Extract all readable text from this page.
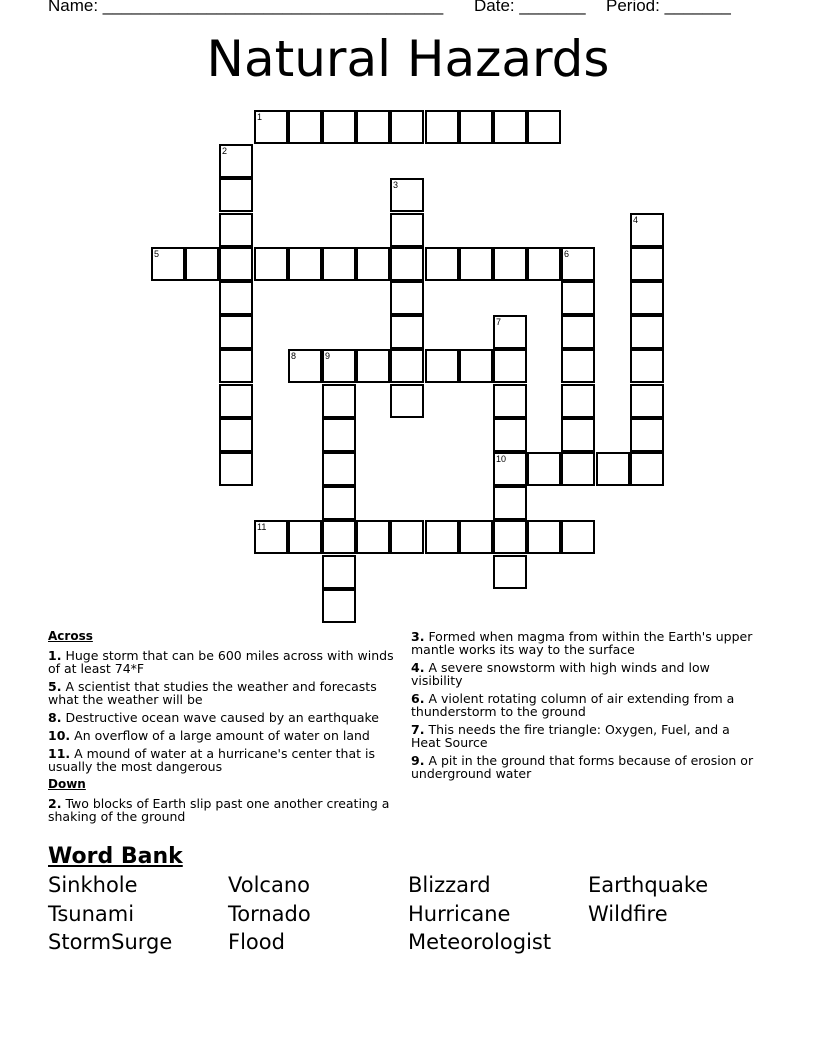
Name: ____________________________________

Date: _______

Period: _______

Natural Hazards
1
2
3
4
5	6
7
10
8	9
11
Across
1. Huge storm that can be 600 miles across with winds of at least 74*F
5. A scientist that studies the weather and forecasts what the weather will be
8. Destructive ocean wave caused by an earthquake
10. An overflow of a large amount of water on land
11. A mound of water at a hurricane's center that is usually the most dangerous
Down
2. Two blocks of Earth slip past one another creating a shaking of the ground
3. Formed when magma from within the Earth's upper mantle works its way to the surface
4. A severe snowstorm with high winds and low visibility
6. A violent rotating column of air extending from a thunderstorm to the ground
7. This needs the fire triangle: Oxygen, Fuel, and a Heat Source
9. A pit in the ground that forms because of erosion or underground water
Word Bank
Sinkhole	Volcano	Blizzard	Earthquake
Tsunami	Tornado	Hurricane	Wildfire
StormSurge	Flood	Meteorologist
